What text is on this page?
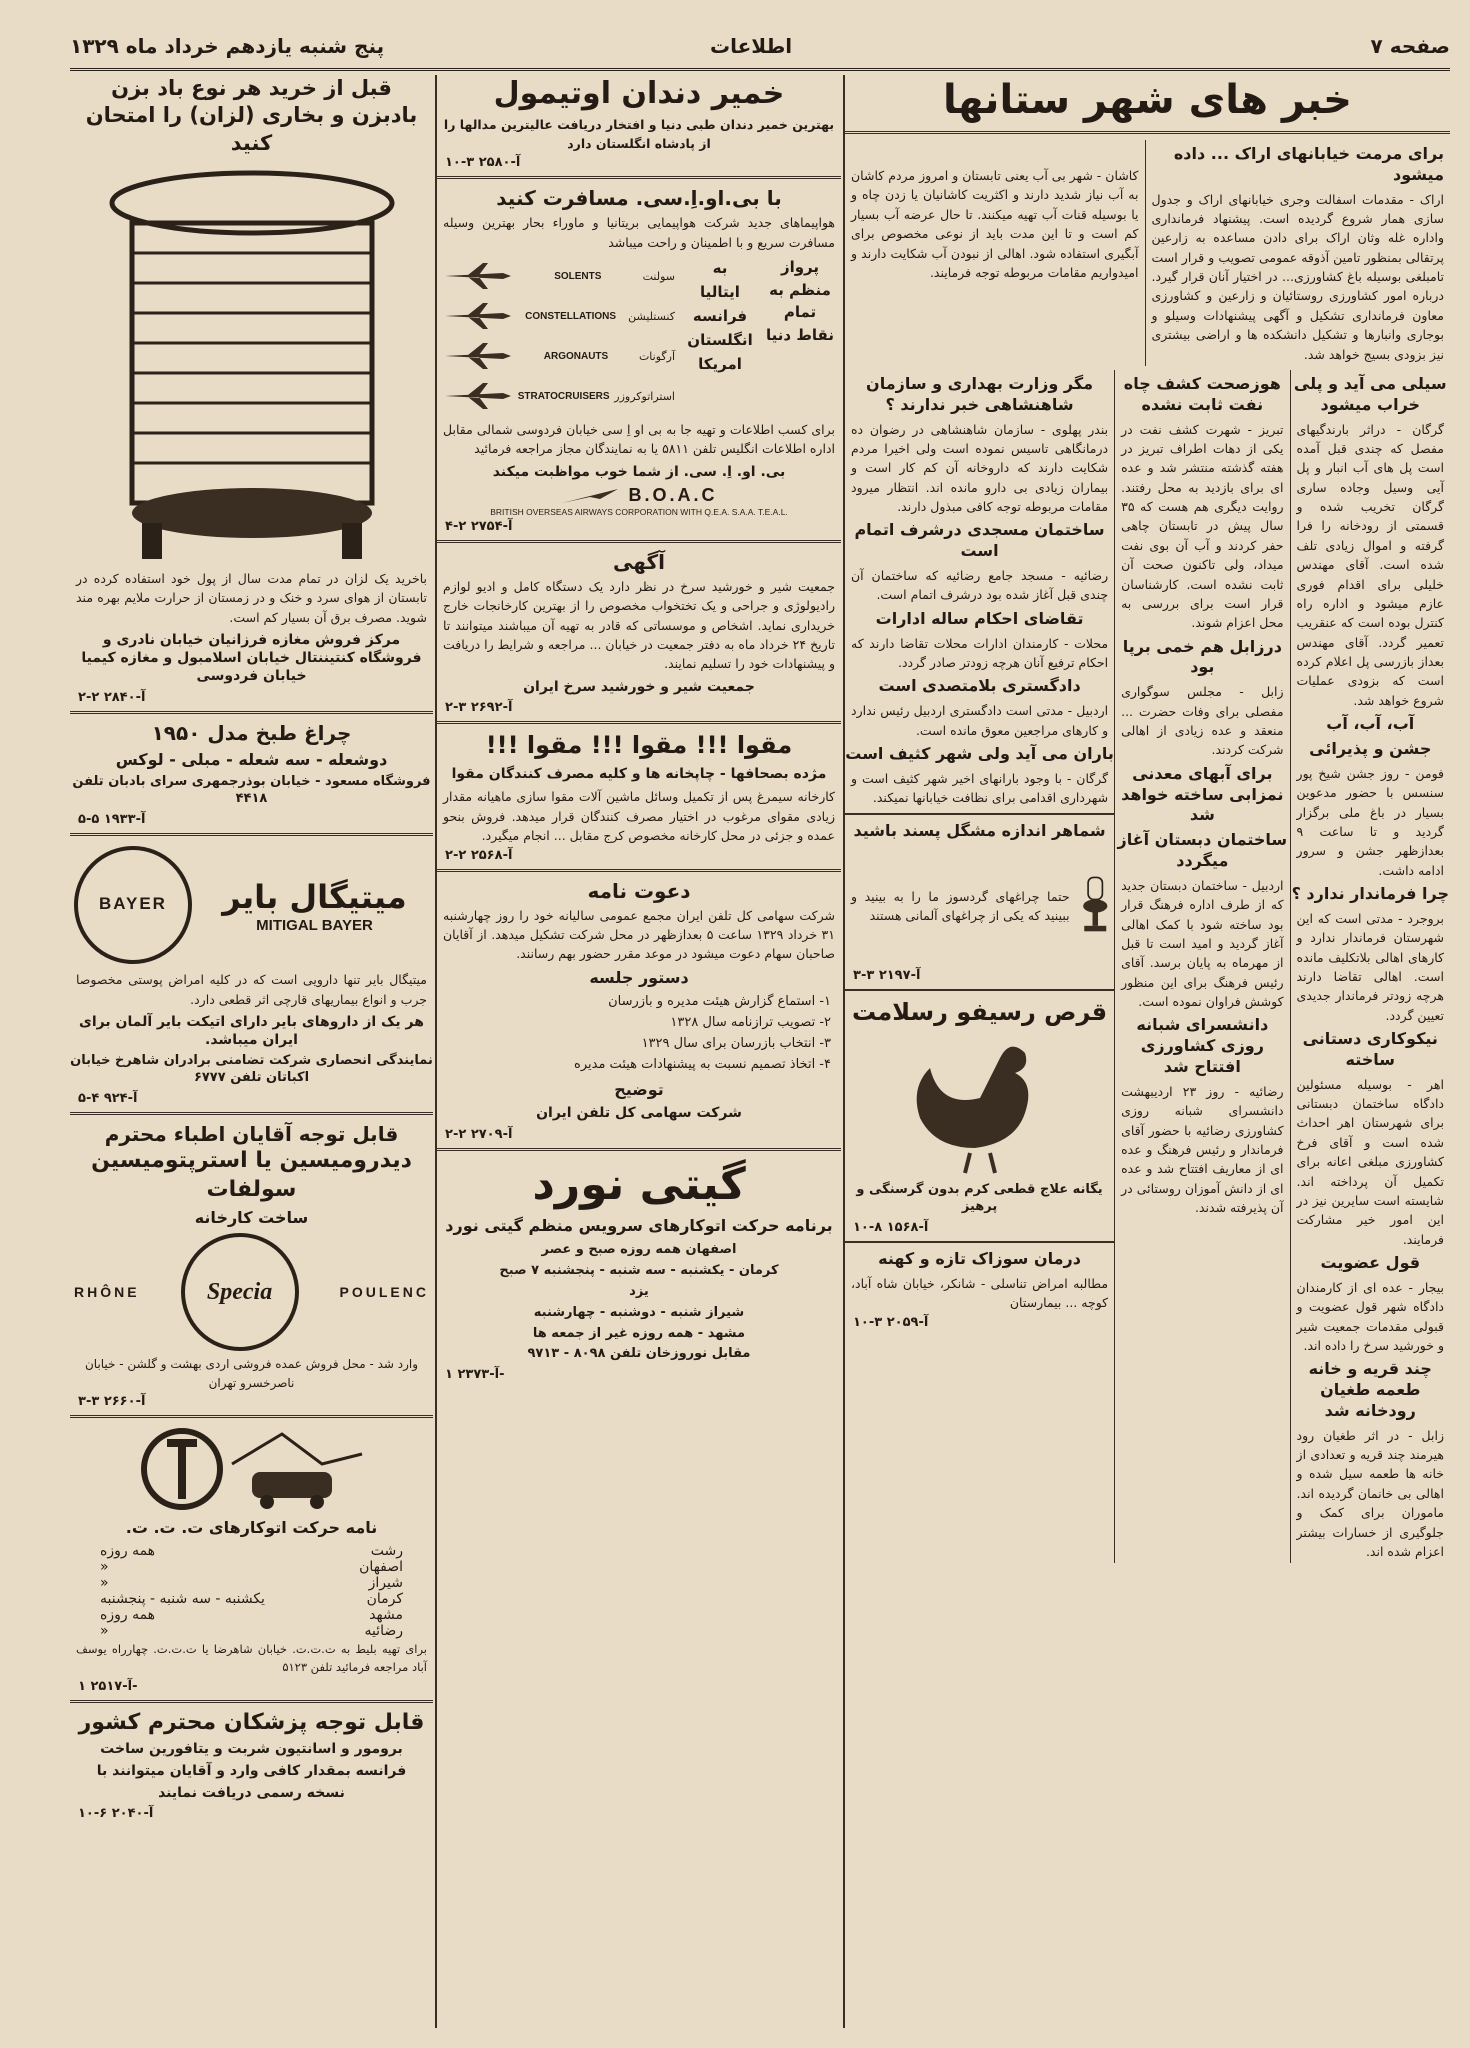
صفحه ۷
اطلاعات
پنج شنبه یازدهم خرداد ماه ۱۳۲۹
خبر های شهر ستانها
برای مرمت خیابانهای اراک ... داده میشود
اراک - مقدمات اسفالت وجری خیابانهای اراک و جدول سازی همار شروع گردیده است. پیشنهاد فرمانداری واداره غله وثان اراک برای دادن مساعده به زارعین پرتقالی بمنظور تامین آذوقه عمومی تصویب و قرار است تامبلغی بوسیله باغ کشاورزی... در اختیار آنان قرار گیرد. درباره امور کشاورزی روستائیان و زارعین و کشاورزی معاون فرمانداری تشکیل و آگهی پیشنهادات وسیلو و بوجاری وانبارها و تشکیل دانشکده ها و اراضی بیشتری نیز بزودی بسیج خواهد شد.
کاشان - شهر بی آب یعنی تابستان و امروز مردم کاشان به آب نیاز شدید دارند و اکثریت کاشانیان یا زدن چاه و یا بوسیله قنات آب تهیه میکنند. تا حال عرضه آب بسیار کم است و تا این مدت باید از نوعی مخصوص برای آبگیری استفاده شود. اهالی از نبودن آب شکایت دارند و امیدواریم مقامات مربوطه توجه فرمایند.
سیلی می آید و پلی خراب میشود
گرگان - دراثر بارندگیهای مفصل که چندی قبل آمده است پل های آب انبار و پل آیی وسیل وجاده ساری گرگان تخریب شده و قسمتی از رودخانه را فرا گرفته و اموال زیادی تلف شده است. آقای مهندس خلیلی برای اقدام فوری عازم میشود و اداره راه کنترل بوده است که عنقریب تعمیر گردد. آقای مهندس بعداز بازرسی پل اعلام کرده است که بزودی عملیات شروع خواهد شد.
آب، آب، آب
جشن و پذیرائی
فومن - روز جشن شیخ پور سنسس با حضور مدعوین بسیار در باغ ملی برگزار گردید و تا ساعت ۹ بعدازظهر جشن و سرور ادامه داشت.
چرا فرماندار ندارد ؟
بروجرد - مدتی است که این شهرستان فرماندار ندارد و کارهای اهالی بلاتکلیف مانده است. اهالی تقاضا دارند هرچه زودتر فرماندار جدیدی تعیین گردد.
نیکوکاری دستانی ساخته
اهر - بوسیله مسئولین دادگاه ساختمان دبستانی برای شهرستان اهر احداث شده است و آقای فرخ کشاورزی مبلغی اعانه برای تکمیل آن پرداخته اند. شایسته است سایرین نیز در این امور خیر مشارکت فرمایند.
قول عضویت
بیجار - عده ای از کارمندان دادگاه شهر قول عضویت و قبولی مقدمات جمعیت شیر و خورشید سرخ را داده اند.
چند قریه و خانه طعمه طغیان رودخانه شد
زابل - در اثر طغیان رود هیرمند چند قریه و تعدادی از خانه ها طعمه سیل شده و اهالی بی خانمان گردیده اند. ماموران برای کمک و جلوگیری از خسارات بیشتر اعزام شده اند.
هوزصحت کشف چاه نفت ثابت نشده
تبریز - شهرت کشف نفت در یکی از دهات اطراف تبریز در هفته گذشته منتشر شد و عده ای برای بازدید به محل رفتند. روایت دیگری هم هست که ۳۵ سال پیش در تابستان چاهی حفر کردند و آب آن بوی نفت میداد، ولی تاکنون صحت آن ثابت نشده است. کارشناسان قرار است برای بررسی به محل اعزام شوند.
درزابل هم خمی برپا بود
زابل - مجلس سوگواری مفصلی برای وفات حضرت ... منعقد و عده زیادی از اهالی شرکت کردند.
برای آبهای معدنی نمزابی ساخته خواهد شد
ساختمان دبستان آغاز میگردد
اردبیل - ساختمان دبستان جدید که از طرف اداره فرهنگ قرار بود ساخته شود با کمک اهالی آغاز گردید و امید است تا قبل از مهرماه به پایان برسد. آقای رئیس فرهنگ برای این منظور کوشش فراوان نموده است.
دانشسرای شبانه روزی کشاورزی افتتاح شد
رضائیه - روز ۲۳ اردیبهشت دانشسرای شبانه روزی کشاورزی رضائیه با حضور آقای فرماندار و رئیس فرهنگ و عده ای از معاریف افتتاح شد و عده ای از دانش آموزان روستائی در آن پذیرفته شدند.
مگر وزارت بهداری و سازمان شاهنشاهی خبر ندارند ؟
بندر پهلوی - سازمان شاهنشاهی در رضوان ده درمانگاهی تاسیس نموده است ولی اخیرا مردم شکایت دارند که داروخانه آن کم کار است و بیماران زیادی بی دارو مانده اند. انتظار میرود مقامات مربوطه توجه کافی مبذول دارند.
ساختمان مسجدی درشرف اتمام است
رضائیه - مسجد جامع رضائیه که ساختمان آن چندی قبل آغاز شده بود درشرف اتمام است.
تقاضای احکام ساله ادارات
محلات - کارمندان ادارات محلات تقاضا دارند که احکام ترفیع آنان هرچه زودتر صادر گردد.
دادگستری بلامتصدی است
اردبیل - مدتی است دادگستری اردبیل رئیس ندارد و کارهای مراجعین معوق مانده است.
باران می آید ولی شهر کثیف است
گرگان - با وجود بارانهای اخیر شهر کثیف است و شهرداری اقدامی برای نظافت خیابانها نمیکند.
شماهر اندازه مشگل پسند باشید
حتما چراغهای گردسوز ما را به بینید و ببینید که یکی از چراغهای آلمانی هستند
آ-۲۱۹۷ ۳-۳
قرص رسیفو رسلامت
یگانه علاج قطعی کرم بدون گرسنگی و پرهیز
آ-۱۵۶۸ ۸-۱۰
درمان سوزاک تازه و کهنه
مطالبه امراض تناسلی - شانکر، خیابان شاه آباد، کوچه ... بیمارستان
آ-۲۰۵۹ ۳-۱۰
خمیر دندان اوتیمول
بهترین خمیر دندان طبی دنیا و افتخار دریافت عالیترین مدالها را از پادشاه انگلستان دارد
آ-۲۵۸۰ ۳-۱۰
با بی.او.اِ.سی. مسافرت کنید
هواپیماهای جدید شرکت هواپیمایی بریتانیا و ماوراء بحار بهترین وسیله مسافرت سریع و با اطمینان و راحت میباشد
پرواز منظم به تمام نقاط دنیا
به
ایتالیا
فرانسه
انگلستان
امریکا
سولنت
SOLENTS
کنستلیشن
CONSTELLATIONS
آرگونات
ARGONAUTS
استراتوکروزر
STRATOCRUISERS
برای کسب اطلاعات و تهیه جا به بی او اِ سی خیابان فردوسی شمالی مقابل اداره اطلاعات انگلیس تلفن ۵۸۱۱ یا به نمایندگان مجاز مراجعه فرمائید
بی. او. اِ. سی. از شما خوب مواظبت میکند
B.O.A.C
BRITISH OVERSEAS AIRWAYS CORPORATION WITH Q.E.A. S.A.A. T.E.A.L.
آ-۲۷۵۴ ۲-۴
آگهی
جمعیت شیر و خورشید سرخ در نظر دارد یک دستگاه کامل و ادیو لوازم رادیولوژی و جراحی و یک تختخواب مخصوص را از بهترین کارخانجات خارج خریداری نماید. اشخاص و موسساتی که قادر به تهیه آن میباشند میتوانند تا تاریخ ۲۴ خرداد ماه به دفتر جمعیت در خیابان ... مراجعه و شرایط را دریافت و پیشنهادات خود را تسلیم نمایند.
جمعیت شیر و خورشید سرخ ایران
آ-۲۶۹۲ ۳-۲
مقوا !!! مقوا !!! مقوا !!!
مژده بصحافها - چاپخانه ها و کلیه مصرف کنندگان مقوا
کارخانه سیمرغ پس از تکمیل وسائل ماشین آلات مقوا سازی ماهیانه مقدار زیادی مقوای مرغوب در اختیار مصرف کنندگان قرار میدهد. فروش بنحو عمده و جزئی در محل کارخانه مخصوص کرج مقابل ... انجام میگیرد.
آ-۲۵۶۸ ۲-۲
دعوت نامه
شرکت سهامی کل تلفن ایران مجمع عمومی سالیانه خود را روز چهارشنبه ۳۱ خرداد ۱۳۲۹ ساعت ۵ بعدازظهر در محل شرکت تشکیل میدهد. از آقایان صاحبان سهام دعوت میشود در موعد مقرر حضور بهم رسانند.
دستور جلسه
۱- استماع گزارش هیئت مدیره و بازرسان
۲- تصویب ترازنامه سال ۱۳۲۸
۳- انتخاب بازرسان برای سال ۱۳۲۹
۴- اتخاذ تصمیم نسبت به پیشنهادات هیئت مدیره
توضیح
شرکت سهامی کل تلفن ایران
آ-۲۷۰۹ ۲-۲
گیتی نورد
برنامه حرکت اتوکارهای سرویس منظم گیتی نورد
اصفهان همه روزه صبح و عصر
کرمان - یکشنبه - سه شنبه - پنجشنبه ۷ صبح
یزد
شیراز شنبه - دوشنبه - چهارشنبه
مشهد - همه روزه غیر از جمعه ها
مقابل نوروزخان تلفن ۸۰۹۸ - ۹۷۱۳
آ-۲۳۷۳ ۱-
قبل از خرید هر نوع باد بزن
بادبزن و بخاری (لزان) را امتحان کنید
باخرید یک لزان در تمام مدت سال از پول خود استفاده کرده در تابستان از هوای سرد و خنک و در زمستان از حرارت ملایم بهره مند شوید. مصرف برق آن بسیار کم است.
مرکز فروش مغازه فرزانیان خیابان نادری و فروشگاه کنتیننتال خیابان اسلامبول و مغازه کیمیا خیابان فردوسی
آ-۲۸۴۰ ۲-۲
چراغ طبخ مدل ۱۹۵۰
دوشعله - سه شعله - مبلی - لوکس
فروشگاه مسعود - خیابان بوذرجمهری سرای بادبان تلفن ۴۴۱۸
آ-۱۹۳۳ ۵-۵
میتیگال بایر
MITIGAL BAYER
BAYER
میتیگال بایر تنها دارویی است که در کلیه امراض پوستی مخصوصا جرب و انواع بیماریهای قارچی اثر قطعی دارد.
هر یک از داروهای بایر دارای اتیکت بایر آلمان برای ایران میباشد.
نمایندگی انحصاری شرکت تضامنی برادران شاهرخ خیابان اکباتان تلفن ۶۷۷۷
آ-۹۲۴ ۴-۵
قابل توجه آقایان اطباء محترم
دیدرومیسین یا استرپتومیسین سولفات
ساخت کارخانه
RHÔNE	Specia	POULENC
وارد شد - محل فروش عمده فروشی اردی بهشت و گلشن - خیابان ناصرخسرو تهران
آ-۲۶۶۰ ۳-۳
نامه حرکت اتوکارهای ت. ت. ت.
رشت
همه روزه
اصفهان
«
شیراز
«
کرمان
یکشنبه - سه شنبه - پنجشنبه
مشهد
همه روزه
رضائیه
«
برای تهیه بلیط به ت.ت.ت. خیابان شاهرضا یا ت.ت.ت. چهارراه یوسف آباد مراجعه فرمائید تلفن ۵۱۲۳
آ-۲۵۱۷ ۱-
قابل توجه پزشکان محترم کشور
برومور و اسانتیون شربت و یتافورین ساخت فرانسه بمقدار کافی وارد و آقایان میتوانند با نسخه رسمی دریافت نمایند
آ-۲۰۴۰ ۶-۱۰
